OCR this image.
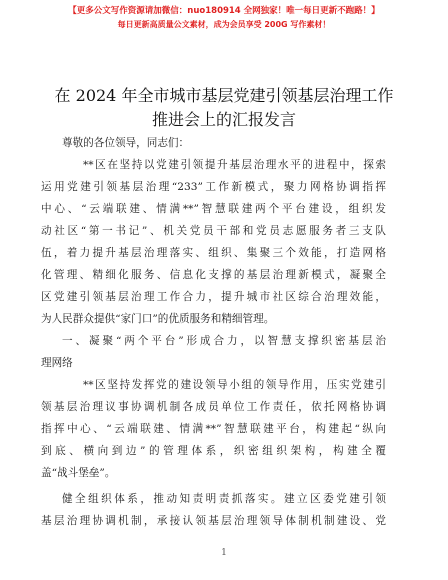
【更多公文写作资源请加微信：nuo180914 全网独家！唯一每日更新不跑路！】
每日更新高质量公文素材，成为会员享受 200G 写作素材！
在 2024 年全市城市基层党建引领基层治理工作
推进会上的汇报发言

尊敬的各位领导，同志们：

**区在坚持以党建引领提升基层治理水平的进程中，探索

运用党建引领基层治理“233”工作新模式，聚力网格协调指挥
中心、“云端联建、情满**”智慧联建两个平台建设，组织发
动社区“第一书记”、机关党员干部和党员志愿服务者三支队
伍，着力提升基层治理落实、组织、集聚三个效能，打造网格
化管理、精细化服务、信息化支撑的基层治理新模式，凝聚全
区党建引领基层治理工作合力，提升城市社区综合治理效能，
为人民群众提供“家门口”的优质服务和精细管理。

一、凝聚“两个平台”形成合力，以智慧支撑织密基层治

理网络

**区坚持发挥党的建设领导小组的领导作用，压实党建引

领基层治理议事协调机制各成员单位工作责任，依托网格协调
指挥中心、“云端联建、情满**”智慧联建平台，构建起“纵向
到底、横向到边”的管理体系，织密组织架构，构建全覆
盖“战斗堡垒”。

健全组织体系，推动知责明责抓落实。建立区委党建引领

基层治理协调机制，承接认领基层治理领导体制机制建设、党

1
